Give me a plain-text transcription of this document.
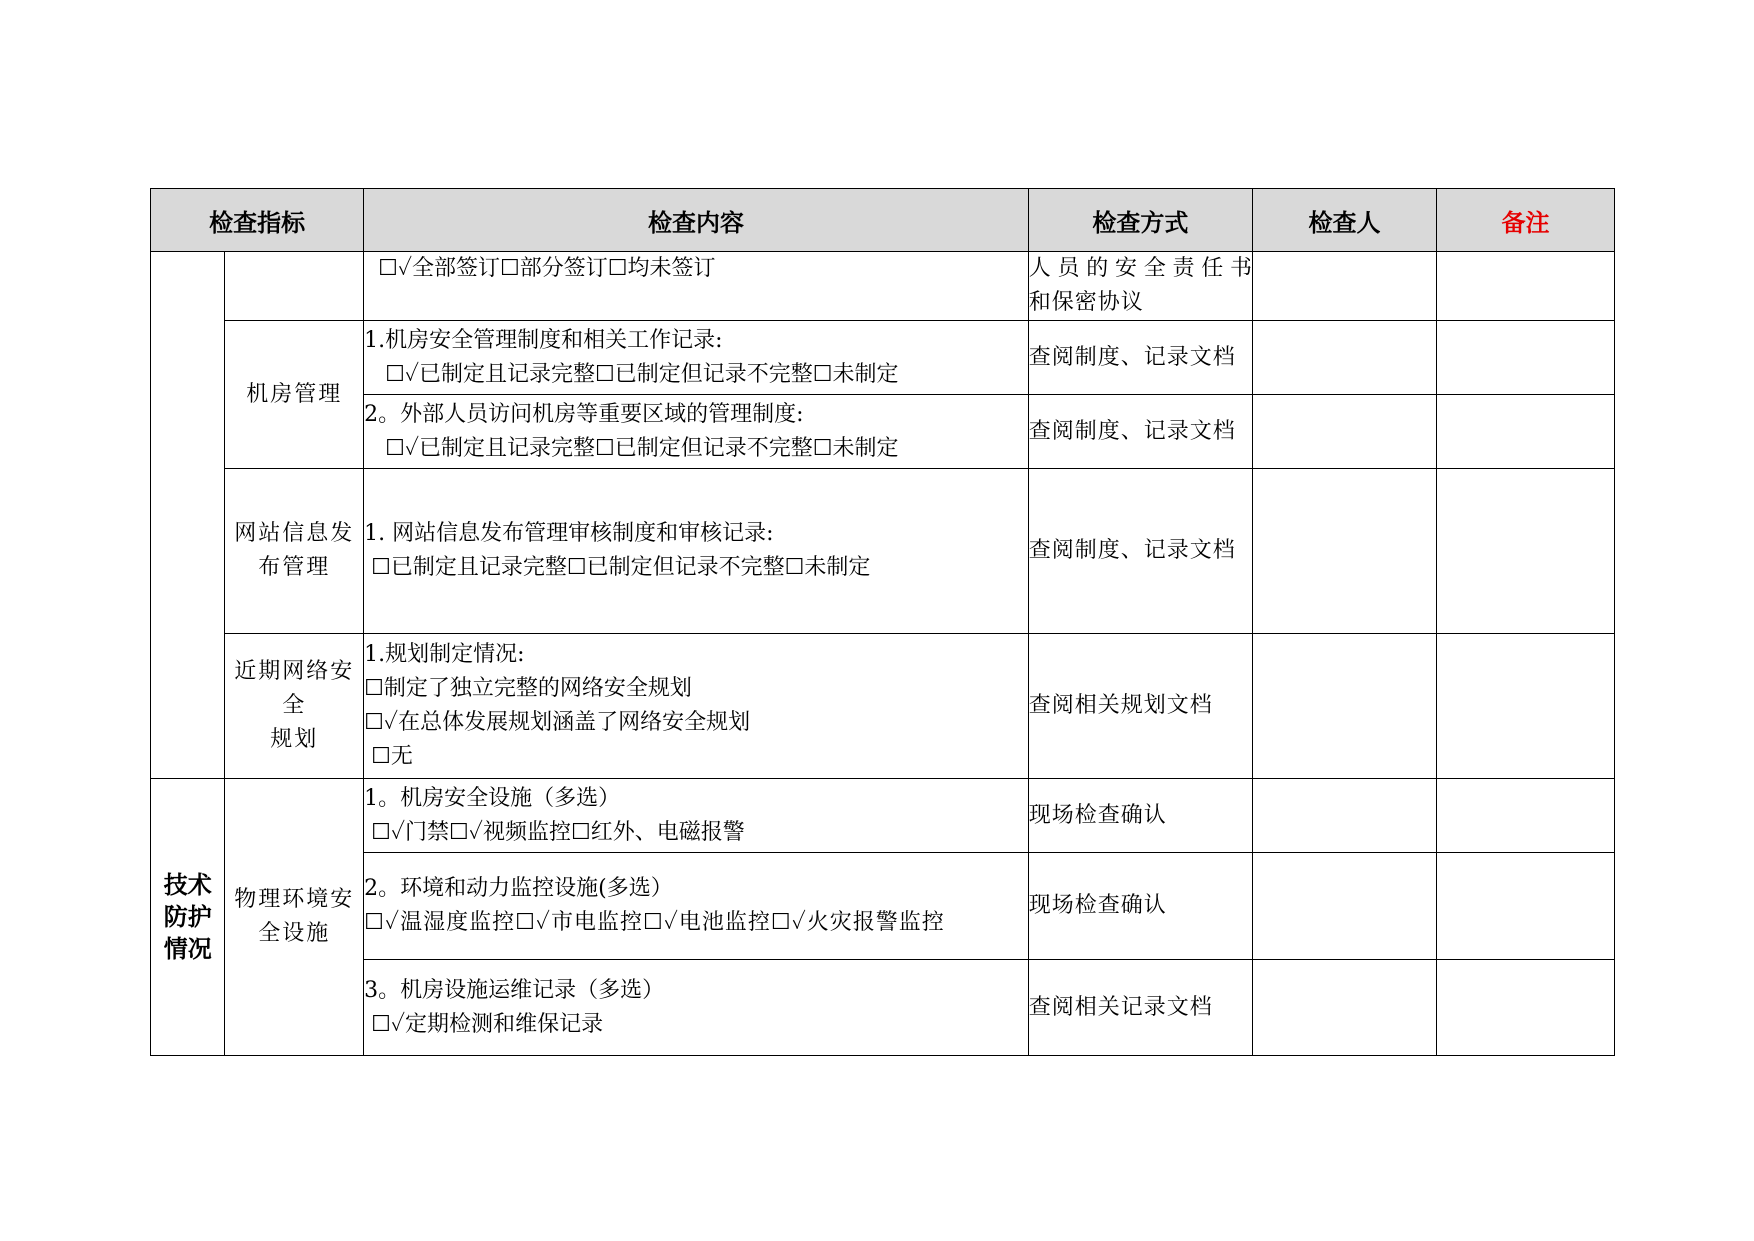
检查指标		检查内容	检查方式	检查人	备注

		☐✓全部签订☐部分签订☐均未签订	人员的安全责任书
和保密协议		

	机房管理	1.机房安全管理制度和相关工作记录:
☐✓已制定且记录完整☐已制定但记录不完整☐未制定	查阅制度、记录文档		

		2。外部人员访问机房等重要区域的管理制度:
☐✓已制定且记录完整☐已制定但记录不完整☐未制定	查阅制度、记录文档		

	网站信息发
布管理	1. 网站信息发布管理审核制度和审核记录:
☐已制定且记录完整☐已制定但记录不完整☐未制定	查阅制度、记录文档		

	近期网络安
全
规划	1.规划制定情况:
☐制定了独立完整的网络安全规划
☐✓在总体发展规划涵盖了网络安全规划
☐无	查阅相关规划文档		

技术
防护
情况	物理环境安
全设施	1。机房安全设施（多选）
☐✓门禁☐✓视频监控☐红外、电磁报警	现场检查确认		

		2。环境和动力监控设施(多选）
☐✓温湿度监控☐✓市电监控☐✓电池监控☐✓火灾报警监控	现场检查确认		

		3。机房设施运维记录（多选）
☐✓定期检测和维保记录	查阅相关记录文档		
